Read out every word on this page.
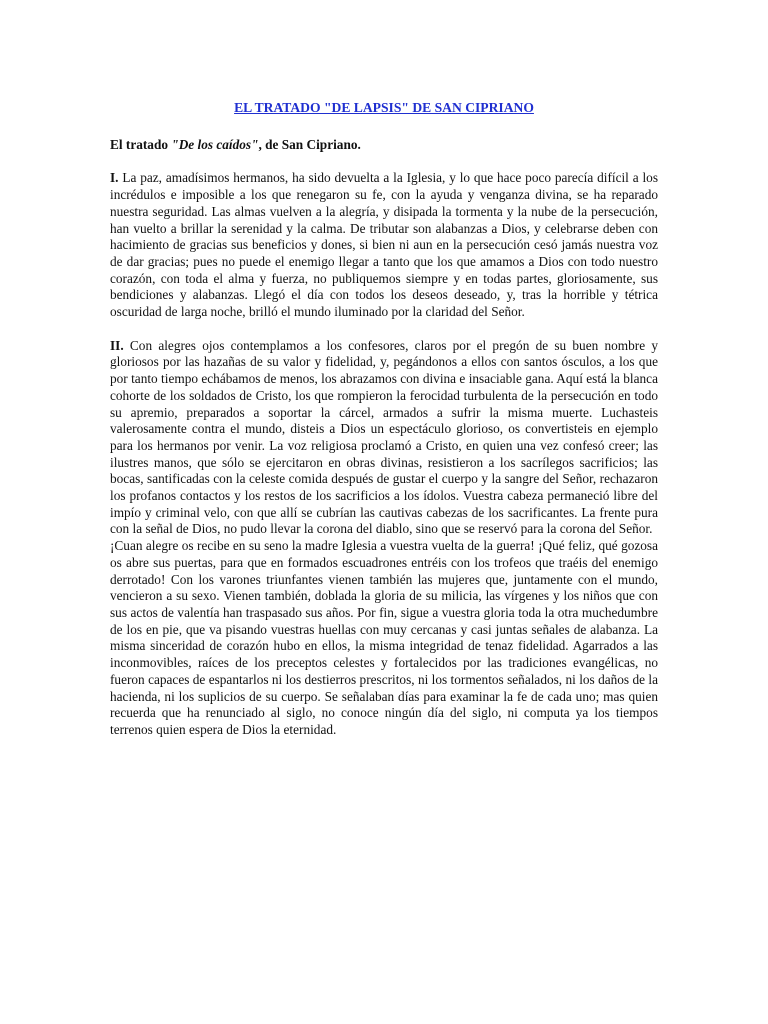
EL TRATADO "DE LAPSIS" DE SAN CIPRIANO
El tratado "De los caídos", de San Cipriano.
I. La paz, amadísimos hermanos, ha sido devuelta a la Iglesia, y lo que hace poco parecía difícil a los incrédulos e imposible a los que renegaron su fe, con la ayuda y venganza divina, se ha reparado nuestra seguridad. Las almas vuelven a la alegría, y disipada la tormenta y la nube de la persecución, han vuelto a brillar la serenidad y la calma. De tributar son alabanzas a Dios, y celebrarse deben con hacimiento de gracias sus beneficios y dones, si bien ni aun en la persecución cesó jamás nuestra voz de dar gracias; pues no puede el enemigo llegar a tanto que los que amamos a Dios con todo nuestro corazón, con toda el alma y fuerza, no publiquemos siempre y en todas partes, gloriosamente, sus bendiciones y alabanzas. Llegó el día con todos los deseos deseado, y, tras la horrible y tétrica oscuridad de larga noche, brilló el mundo iluminado por la claridad del Señor.
II. Con alegres ojos contemplamos a los confesores, claros por el pregón de su buen nombre y gloriosos por las hazañas de su valor y fidelidad, y, pegándonos a ellos con santos ósculos, a los que por tanto tiempo echábamos de menos, los abrazamos con divina e insaciable gana. Aquí está la blanca cohorte de los soldados de Cristo, los que rompieron la ferocidad turbulenta de la persecución en todo su apremio, preparados a soportar la cárcel, armados a sufrir la misma muerte. Luchasteis valerosamente contra el mundo, disteis a Dios un espectáculo glorioso, os convertisteis en ejemplo para los hermanos por venir. La voz religiosa proclamó a Cristo, en quien una vez confesó creer; las ilustres manos, que sólo se ejercitaron en obras divinas, resistieron a los sacrílegos sacrificios; las bocas, santificadas con la celeste comida después de gustar el cuerpo y la sangre del Señor, rechazaron los profanos contactos y los restos de los sacrificios a los ídolos. Vuestra cabeza permaneció libre del impío y criminal velo, con que allí se cubrían las cautivas cabezas de los sacrificantes. La frente pura con la señal de Dios, no pudo llevar la corona del diablo, sino que se reservó para la corona del Señor.
¡Cuan alegre os recibe en su seno la madre Iglesia a vuestra vuelta de la guerra! ¡Qué feliz, qué gozosa os abre sus puertas, para que en formados escuadrones entréis con los trofeos que traéis del enemigo derrotado! Con los varones triunfantes vienen también las mujeres que, juntamente con el mundo, vencieron a su sexo. Vienen también, doblada la gloria de su milicia, las vírgenes y los niños que con sus actos de valentía han traspasado sus años. Por fin, sigue a vuestra gloria toda la otra muchedumbre de los en pie, que va pisando vuestras huellas con muy cercanas y casi juntas señales de alabanza. La misma sinceridad de corazón hubo en ellos, la misma integridad de tenaz fidelidad. Agarrados a las inconmovibles, raíces de los preceptos celestes y fortalecidos por las tradiciones evangélicas, no fueron capaces de espantarlos ni los destierros prescritos, ni los tormentos señalados, ni los daños de la hacienda, ni los suplicios de su cuerpo. Se señalaban días para examinar la fe de cada uno; mas quien recuerda que ha renunciado al siglo, no conoce ningún día del siglo, ni computa ya los tiempos terrenos quien espera de Dios la eternidad.
